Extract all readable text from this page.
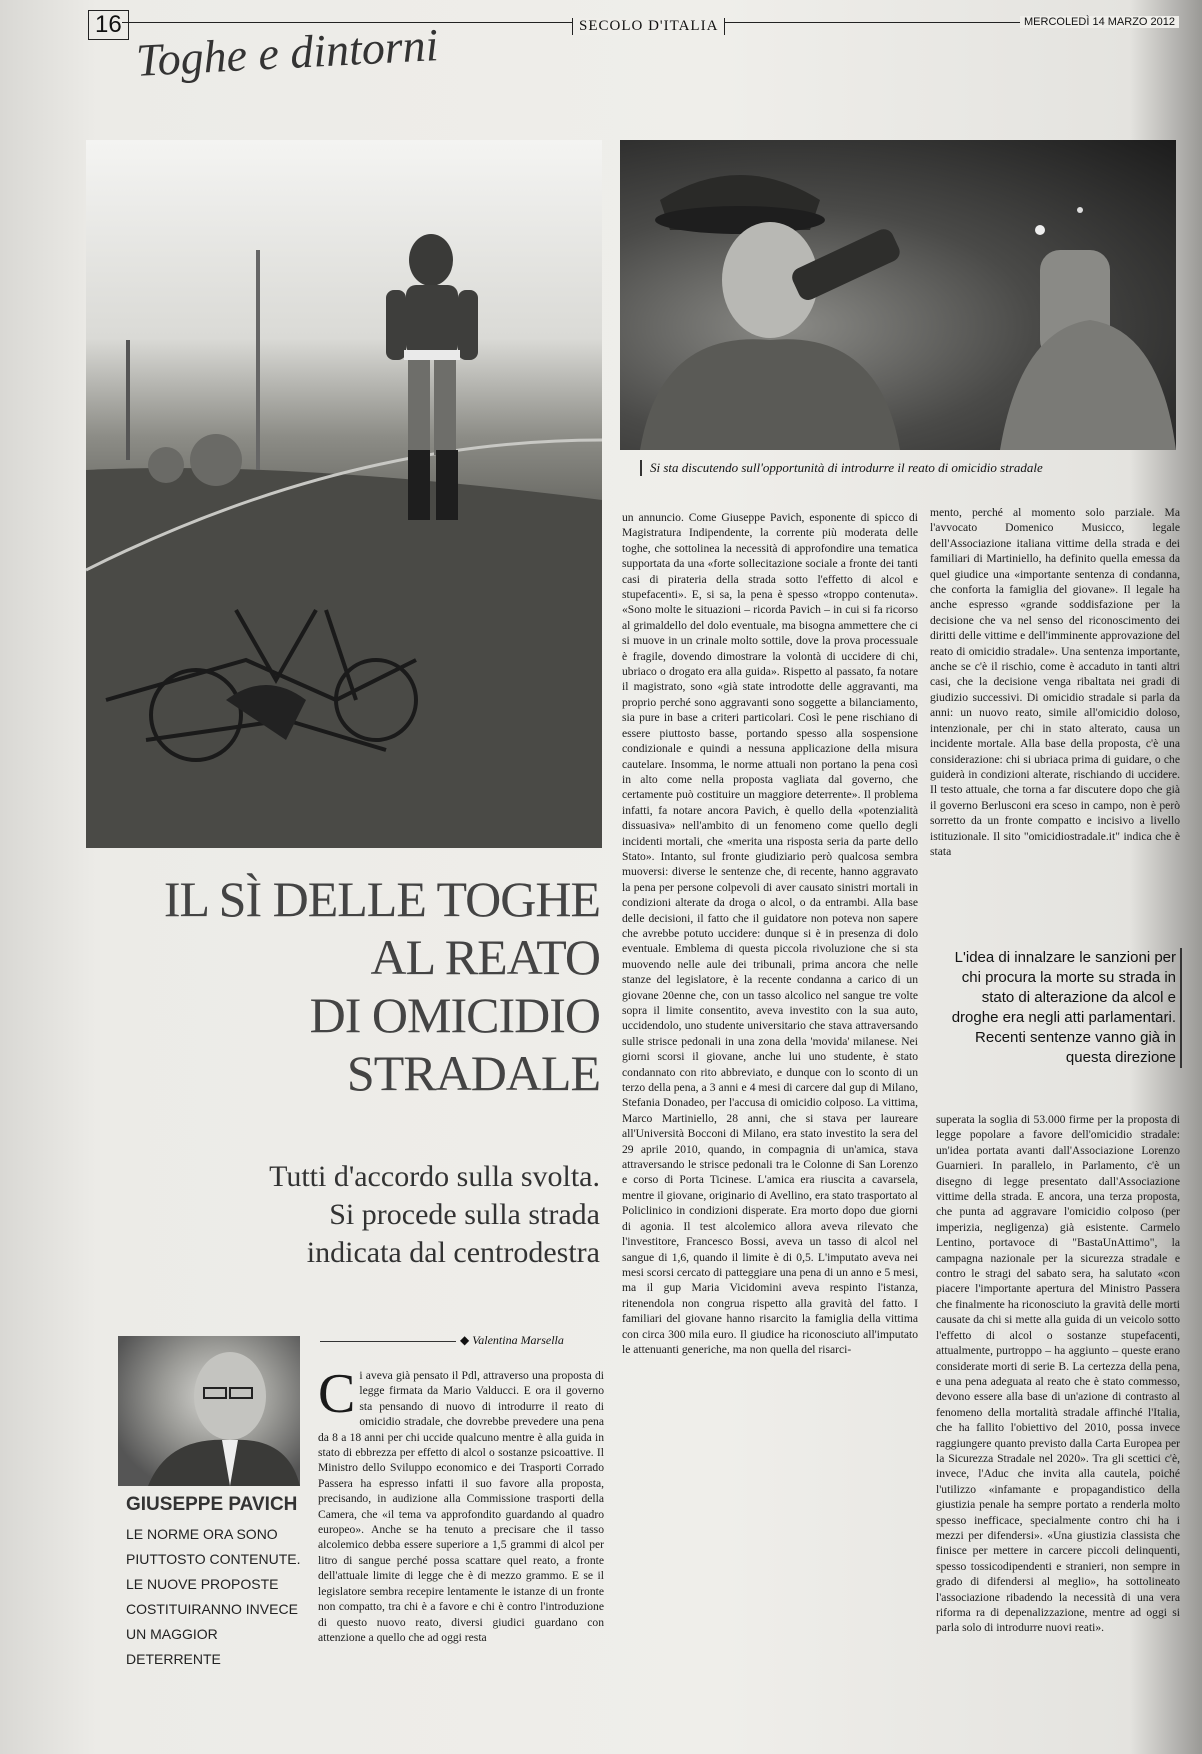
16	SECOLO D'ITALIA	MERCOLEDÌ 14 MARZO 2012
Toghe e dintorni
Si sta discutendo sull'opportunità di introdurre il reato di omicidio stradale
IL SÌ DELLE TOGHE
AL REATO
DI OMICIDIO
STRADALE
Tutti d'accordo sulla svolta.
Si procede sulla strada
indicata dal centrodestra
◆ Valentina Marsella
GIUSEPPE PAVICH
LE NORME ORA SONO PIUTTOSTO CONTENUTE. LE NUOVE PROPOSTE COSTITUIRANNO INVECE UN MAGGIOR DETERRENTE
C i aveva già pensato il Pdl, attraverso una proposta di legge firmata da Mario Valducci. E ora il governo sta pensando di nuovo di introdurre il reato di omicidio stradale, che dovrebbe prevedere una pena da 8 a 18 anni per chi uccide qualcuno mentre è alla guida in stato di ebbrezza per effetto di alcol o sostanze psicoattive. Il Ministro dello Sviluppo economico e dei Trasporti Corrado Passera ha espresso infatti il suo favore alla proposta, precisando, in audizione alla Commissione trasporti della Camera, che «il tema va approfondito guardando al quadro europeo». Anche se ha tenuto a precisare che il tasso alcolemico debba essere superiore a 1,5 grammi di alcol per litro di sangue perché possa scattare quel reato, a fronte dell'attuale limite di legge che è di mezzo grammo. E se il legislatore sembra recepire lentamente le istanze di un fronte non compatto, tra chi è a favore e chi è contro l'introduzione di questo nuovo reato, diversi giudici guardano con attenzione a quello che ad oggi resta

un annuncio. Come Giuseppe Pavich, esponente di spicco di Magistratura Indipendente, la corrente più moderata delle toghe, che sottolinea la necessità di approfondire una tematica supportata da una «forte sollecitazione sociale a fronte dei tanti casi di pirateria della strada sotto l'effetto di alcol e stupefacenti». E, si sa, la pena è spesso «troppo contenuta». «Sono molte le situazioni – ricorda Pavich – in cui si fa ricorso al grimaldello del dolo eventuale, ma bisogna ammettere che ci si muove in un crinale molto sottile, dove la prova processuale è fragile, dovendo dimostrare la volontà di uccidere di chi, ubriaco o drogato era alla guida». Rispetto al passato, fa notare il magistrato, sono «già state introdotte delle aggravanti, ma proprio perché sono aggravanti sono soggette a bilanciamento, sia pure in base a criteri particolari. Così le pene rischiano di essere piuttosto basse, portando spesso alla sospensione condizionale e quindi a nessuna applicazione della misura cautelare. Insomma, le norme attuali non portano la pena così in alto come nella proposta vagliata dal governo, che certamente può costituire un maggiore deterrente». Il problema infatti, fa notare ancora Pavich, è quello della «potenzialità dissuasiva» nell'ambito di un fenomeno come quello degli incidenti mortali, che «merita una risposta seria da parte dello Stato». Intanto, sul fronte giudiziario però qualcosa sembra muoversi: diverse le sentenze che, di recente, hanno aggravato la pena per persone colpevoli di aver causato sinistri mortali in condizioni alterate da droga o alcol, o da entrambi. Alla base delle decisioni, il fatto che il guidatore non poteva non sapere che avrebbe potuto uccidere: dunque si è in presenza di dolo eventuale. Emblema di questa piccola rivoluzione che si sta muovendo nelle aule dei tribunali, prima ancora che nelle stanze del legislatore, è la recente condanna a carico di un giovane 20enne che, con un tasso alcolico nel sangue tre volte sopra il limite consentito, aveva investito con la sua auto, uccidendolo, uno studente universitario che stava attraversando sulle strisce pedonali in una zona della 'movida' milanese. Nei giorni scorsi il giovane, anche lui uno studente, è stato condannato con rito abbreviato, e dunque con lo sconto di un terzo della pena, a 3 anni e 4 mesi di carcere dal gup di Milano, Stefania Donadeo, per l'accusa di omicidio colposo. La vittima, Marco Martiniello, 28 anni, che si stava per laureare all'Università Bocconi di Milano, era stato investito la sera del 29 aprile 2010, quando, in compagnia di un'amica, stava attraversando le strisce pedonali tra le Colonne di San Lorenzo e corso di Porta Ticinese. L'amica era riuscita a cavarsela, mentre il giovane, originario di Avellino, era stato trasportato al Policlinico in condizioni disperate. Era morto dopo due giorni di agonia. Il test alcolemico allora aveva rilevato che l'investitore, Francesco Bossi, aveva un tasso di alcol nel sangue di 1,6, quando il limite è di 0,5. L'imputato aveva nei mesi scorsi cercato di patteggiare una pena di un anno e 5 mesi, ma il gup Maria Vicidomini aveva respinto l'istanza, ritenendola non congrua rispetto alla gravità del fatto. I familiari del giovane hanno risarcito la famiglia della vittima con circa 300 mila euro. Il giudice ha riconosciuto all'imputato le attenuanti generiche, ma non quella del risarci-

mento, perché al momento solo parziale. Ma l'avvocato Domenico Musicco, legale dell'Associazione italiana vittime della strada e dei familiari di Martiniello, ha definito quella emessa da quel giudice una «importante sentenza di condanna, che conforta la famiglia del giovane». Il legale ha anche espresso «grande soddisfazione per la decisione che va nel senso del riconoscimento dei diritti delle vittime e dell'imminente approvazione del reato di omicidio stradale». Una sentenza importante, anche se c'è il rischio, come è accaduto in tanti altri casi, che la decisione venga ribaltata nei gradi di giudizio successivi. Di omicidio stradale si parla da anni: un nuovo reato, simile all'omicidio doloso, intenzionale, per chi in stato alterato, causa un incidente mortale. Alla base della proposta, c'è una considerazione: chi si ubriaca prima di guidare, o che guiderà in condizioni alterate, rischiando di uccidere. Il testo attuale, che torna a far discutere dopo che già il governo Berlusconi era sceso in campo, non è però sorretto da un fronte compatto e incisivo a livello istituzionale. Il sito "omicidiostradale.it" indica che è stata

L'idea di innalzare le sanzioni per chi procura la morte su strada in stato di alterazione da alcol e droghe era negli atti parlamentari. Recenti sentenze vanno già in questa direzione

superata la soglia di 53.000 firme per la proposta di legge popolare a favore dell'omicidio stradale: un'idea portata avanti dall'Associazione Lorenzo Guarnieri. In parallelo, in Parlamento, c'è un disegno di legge presentato dall'Associazione vittime della strada. E ancora, una terza proposta, che punta ad aggravare l'omicidio colposo (per imperizia, negligenza) già esistente. Carmelo Lentino, portavoce di "BastaUnAttimo", la campagna nazionale per la sicurezza stradale e contro le stragi del sabato sera, ha salutato «con piacere l'importante apertura del Ministro Passera che finalmente ha riconosciuto la gravità delle morti causate da chi si mette alla guida di un veicolo sotto l'effetto di alcol o sostanze stupefacenti, attualmente, purtroppo – ha aggiunto – queste erano considerate morti di serie B. La certezza della pena, e una pena adeguata al reato che è stato commesso, devono essere alla base di un'azione di contrasto al fenomeno della mortalità stradale affinché l'Italia, che ha fallito l'obiettivo del 2010, possa invece raggiungere quanto previsto dalla Carta Europea per la Sicurezza Stradale nel 2020». Tra gli scettici c'è, invece, l'Aduc che invita alla cautela, poiché l'utilizzo «infamante e propagandistico della giustizia penale ha sempre portato a renderla molto spesso inefficace, specialmente contro chi ha i mezzi per difendersi». «Una giustizia classista che finisce per mettere in carcere piccoli delinquenti, spesso tossicodipendenti e stranieri, non sempre in grado di difendersi al meglio», ha sottolineato l'associazione ribadendo la necessità di una vera riforma ra di depenalizzazione, mentre ad oggi si parla solo di introdurre nuovi reati».
